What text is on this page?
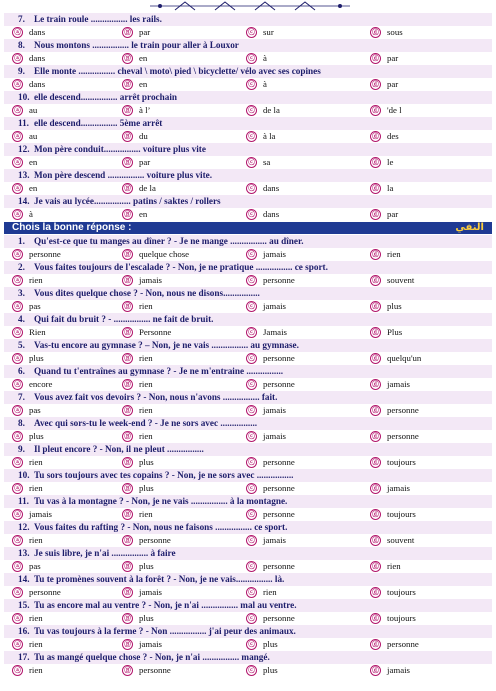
7. Le train roule ................ les rails.
ⓐ dans	Ⓑ par	ⓒ sur	ⓓ sous
8. Nous montons ................ le train pour aller à Louxor
ⓐ dans	Ⓑ en	ⓒ à	ⓓ par
9. Elle monte ................ cheval \ moto\ pied \ bicyclette/ vélo avec ses copines
ⓐ dans	Ⓑ en	ⓒ à	ⓓ par
10. elle descend................ arrêt prochain
ⓐ au	Ⓑ à l’	ⓒ de la	ⓓ 'de l
11. elle descend................ 5ème arrêt
ⓐ au	Ⓑ du	ⓒ à la	ⓓ des
12. Mon père conduit................ voiture plus vite
ⓐ en	Ⓑ par	ⓒ sa	ⓓ le
13. Mon père descend ................ voiture plus vite.
ⓐ en	Ⓑ de la	ⓒ dans	ⓓ la
14. Je vais au lycée................ patins / saktes / rollers
ⓐ à	Ⓑ en	ⓒ dans	ⓓ par
Chois la bonne réponse :	النفي
1. Qu'est-ce que tu manges au dîner ? - Je ne mange ................ au dîner.
ⓐ personne	Ⓑ quelque chose	ⓒ jamais	ⓓ rien
2. Vous faites toujours de l'escalade ? - Non, je ne pratique ................ ce sport.
ⓐ rien	Ⓑ jamais	ⓒ personne	ⓓ souvent
3. Vous dites quelque chose ? - Non, nous ne disons................
ⓐ pas	Ⓑ rien	ⓒ jamais	ⓓ plus
4. Qui fait du bruit ? - ................ ne fait de bruit.
ⓐ Rien	Ⓑ Personne	ⓒ Jamais	ⓓ Plus
5. Vas-tu encore au gymnase ? – Non, je ne vais ................ au gymnase.
ⓐ plus	Ⓑ rien	ⓒ personne	ⓓ quelqu'un
6. Quand tu t'entraînes au gymnase ? - Je ne m'entraine ................
ⓐ encore	Ⓑ rien	ⓒ personne	ⓓ jamais
7. Vous avez fait vos devoirs ? - Non, nous n'avons ................ fait.
ⓐ pas	Ⓑ rien	ⓒ jamais	ⓓ personne
8. Avec qui sors-tu le week-end ? - Je ne sors avec ................
ⓐ plus	Ⓑ rien	ⓒ jamais	ⓓ personne
9. Il pleut encore ? - Non, il ne pleut ................
ⓐ rien	Ⓑ plus	ⓒ personne	ⓓ toujours
10. Tu sors toujours avec tes copains ? - Non, je ne sors avec ................
ⓐ rien	Ⓑ plus	ⓒ personne	ⓓ jamais
11. Tu vas à la montagne ? - Non, je ne vais ................ à la montagne.
ⓐ jamais	Ⓑ rien	ⓒ personne	ⓓ toujours
12. Vous faites du rafting ? - Non, nous ne faisons ................ ce sport.
ⓐ rien	Ⓑ personne	ⓒ jamais	ⓓ souvent
13. Je suis libre, je n'ai ................ à faire
ⓐ pas	Ⓑ plus	ⓒ personne	ⓓ rien
14. Tu te promènes souvent à la forêt ? - Non, je ne vais................ là.
ⓐ personne	Ⓑ jamais	ⓒ rien	ⓓ toujours
15. Tu as encore mal au ventre ? - Non, je n'ai ................ mal au ventre.
ⓐ rien	Ⓑ plus	ⓒ personne	ⓓ toujours
16. Tu vas toujours à la ferme ? - Non ................ j'ai peur des animaux.
ⓐ rien	Ⓑ jamais	ⓒ plus	ⓓ personne
17. Tu as mangé quelque chose ? - Non, je n'ai ................ mangé.
ⓐ rien	Ⓑ personne	ⓒ plus	ⓓ jamais
